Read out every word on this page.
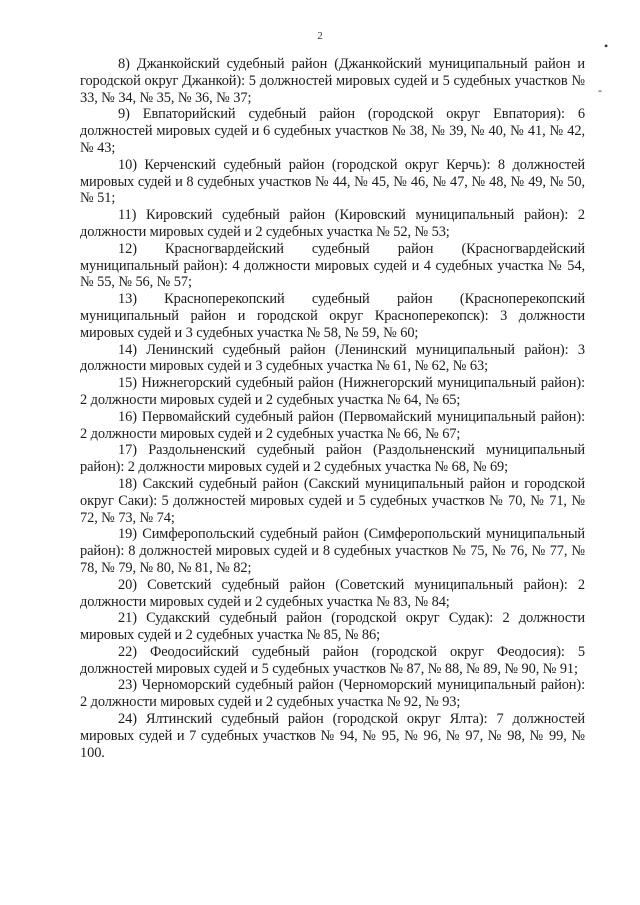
2
•
-

8) Джанкойский судебный район (Джанкойский муниципальный район и городской округ Джанкой): 5 должностей мировых судей и 5 судебных участков № 33, № 34, № 35, № 36, № 37;

9) Евпаторийский судебный район (городской округ Евпатория): 6 должностей мировых судей и 6 судебных участков № 38, № 39, № 40, № 41, № 42, № 43;

10) Керченский судебный район (городской округ Керчь): 8 должностей мировых судей и 8 судебных участков № 44, № 45, № 46, № 47, № 48, № 49, № 50, № 51;

11) Кировский судебный район (Кировский муниципальный район): 2 должности мировых судей и 2 судебных участка № 52, № 53;

12) Красногвардейский судебный район (Красногвардейский муниципальный район): 4 должности мировых судей и 4 судебных участка № 54, № 55, № 56, № 57;

13) Красноперекопский судебный район (Красноперекопский муниципальный район и городской округ Красноперекопск): 3 должности мировых судей и 3 судебных участка № 58, № 59, № 60;

14) Ленинский судебный район (Ленинский муниципальный район): 3 должности мировых судей и 3 судебных участка № 61, № 62, № 63;

15) Нижнегорский судебный район (Нижнегорский муниципальный район): 2 должности мировых судей и 2 судебных участка № 64, № 65;

16) Первомайский судебный район (Первомайский муниципальный район): 2 должности мировых судей и 2 судебных участка № 66, № 67;

17) Раздольненский судебный район (Раздольненский муниципальный район): 2 должности мировых судей и 2 судебных участка № 68, № 69;

18) Сакский судебный район (Сакский муниципальный район и городской округ Саки): 5 должностей мировых судей и 5 судебных участков № 70, № 71, № 72, № 73, № 74;

19) Симферопольский судебный район (Симферопольский муниципальный район): 8 должностей мировых судей и 8 судебных участков № 75, № 76, № 77, № 78, № 79, № 80, № 81, № 82;

20) Советский судебный район (Советский муниципальный район): 2 должности мировых судей и 2 судебных участка № 83, № 84;

21) Судакский судебный район (городской округ Судак): 2 должности мировых судей и 2 судебных участка № 85, № 86;

22) Феодосийский судебный район (городской округ Феодосия): 5 должностей мировых судей и 5 судебных участков № 87, № 88, № 89, № 90, № 91;

23) Черноморский судебный район (Черноморский муниципальный район): 2 должности мировых судей и 2 судебных участка № 92, № 93;

24) Ялтинский судебный район (городской округ Ялта): 7 должностей мировых судей и 7 судебных участков № 94, № 95, № 96, № 97, № 98, № 99, № 100.
